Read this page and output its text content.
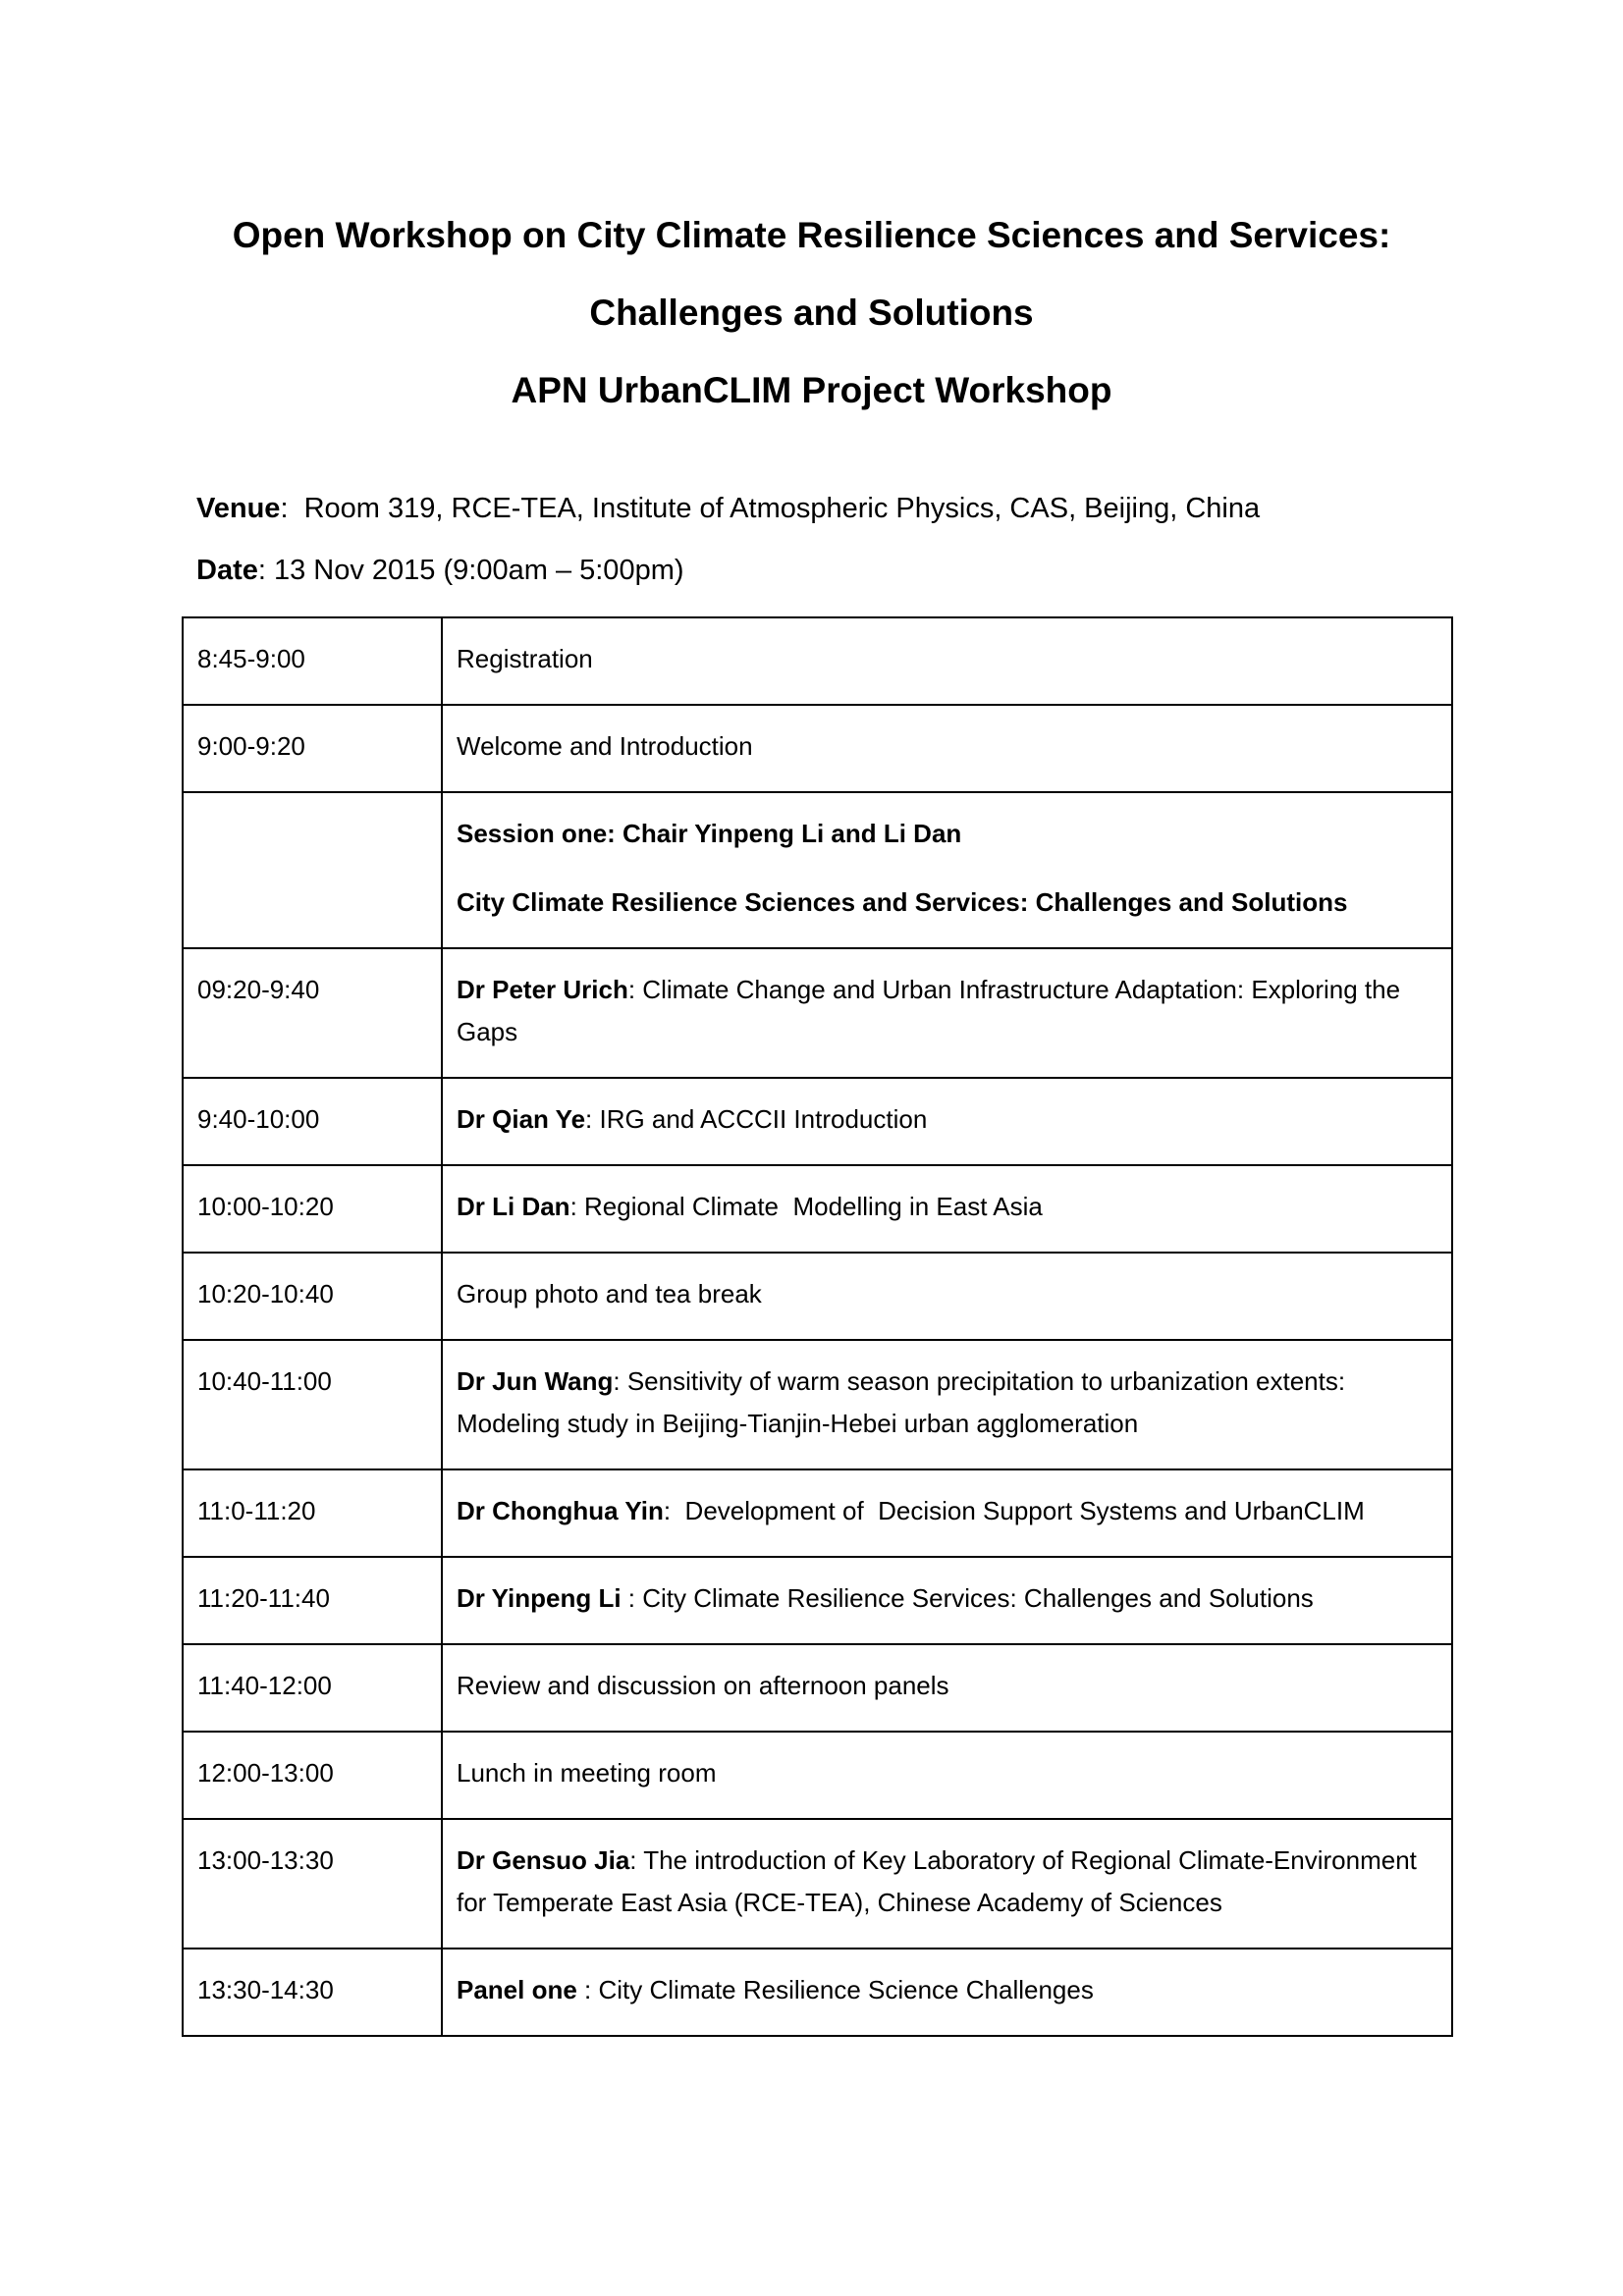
Open Workshop on City Climate Resilience Sciences and Services:
Challenges and Solutions
APN UrbanCLIM Project Workshop
Venue:  Room 319, RCE-TEA, Institute of Atmospheric Physics, CAS, Beijing, China
Date: 13 Nov 2015 (9:00am – 5:00pm)
8:45-9:00	Registration
9:00-9:20	Welcome and Introduction

	Session one: Chair Yinpeng Li and Li Dan
City Climate Resilience Sciences and Services: Challenges and Solutions

09:20-9:40	Dr Peter Urich: Climate Change and Urban Infrastructure Adaptation: Exploring the Gaps
9:40-10:00	Dr Qian Ye: IRG and ACCCII Introduction
10:00-10:20	Dr Li Dan: Regional Climate  Modelling in East Asia
10:20-10:40	Group photo and tea break
10:40-11:00	Dr Jun Wang: Sensitivity of warm season precipitation to urbanization extents: Modeling study in Beijing-Tianjin-Hebei urban agglomeration
11:0-11:20	Dr Chonghua Yin:  Development of  Decision Support Systems and UrbanCLIM
11:20-11:40	Dr Yinpeng Li : City Climate Resilience Services: Challenges and Solutions
11:40-12:00	Review and discussion on afternoon panels
12:00-13:00	Lunch in meeting room
13:00-13:30	Dr Gensuo Jia: The introduction of Key Laboratory of Regional Climate-Environment for Temperate East Asia (RCE-TEA), Chinese Academy of Sciences
13:30-14:30	Panel one : City Climate Resilience Science Challenges
